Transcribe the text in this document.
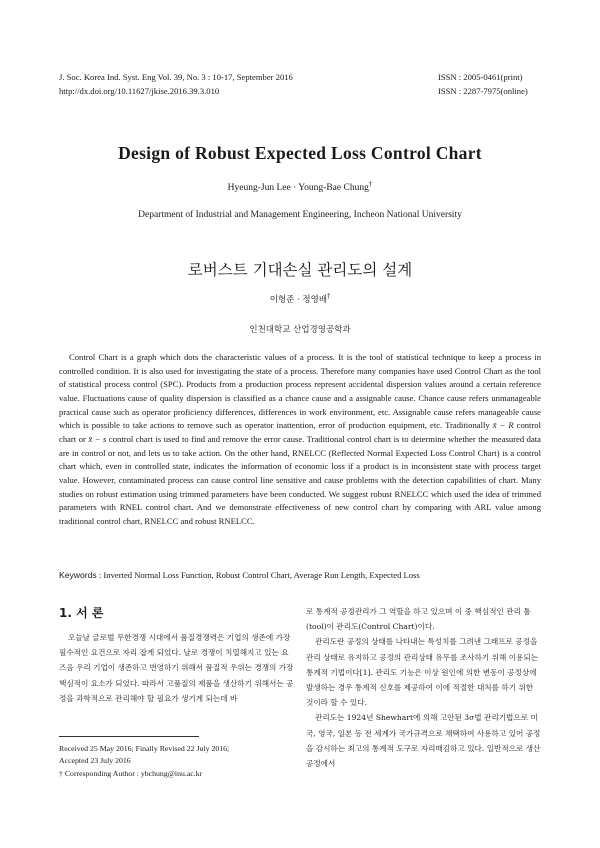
J. Soc. Korea Ind. Syst. Eng Vol. 39, No. 3 : 10-17, September 2016
http://dx.doi.org/10.11627/jkise.2016.39.3.010
ISSN : 2005-0461(print)
ISSN : 2287-7975(online)
Design of Robust Expected Loss Control Chart
Hyeung-Jun Lee · Young-Bae Chung†
Department of Industrial and Management Engineering, Incheon National University
로버스트 기대손실 관리도의 설계
이형준 · 정영배†
인천대학교 산업경영공학과

Control Chart is a graph which dots the characteristic values of a process. It is the tool of statistical technique to keep a process in controlled condition. It is also used for investigating the state of a process. Therefore many companies have used Control Chart as the tool of statistical process control (SPC). Products from a production process represent accidental dispersion values around a certain reference value. Fluctuations cause of quality dispersion is classified as a chance cause and a assignable cause. Chance cause refers unmanageable practical cause such as operator proficiency differences, differences in work environment, etc. Assignable cause refers manageable cause which is possible to take actions to remove such as operator inattention, error of production equipment, etc. Traditionally x̄ − R control chart or x̄ − s control chart is used to find and remove the error cause. Traditional control chart is to determine whether the measured data are in control or not, and lets us to take action. On the other hand, RNELCC (Reflected Normal Expected Loss Control Chart) is a control chart which, even in controlled state, indicates the information of economic loss if a product is in inconsistent state with process target value. However, contaminated process can cause control line sensitive and cause problems with the detection capabilities of chart. Many studies on robust estimation using trimmed parameters have been conducted. We suggest robust RNELCC which used the idea of trimmed parameters with RNEL control chart. And we demonstrate effectiveness of new control chart by comparing with ARL value among traditional control chart, RNELCC and robust RNELCC.

Keywords : Inverted Normal Loss Function, Robust Control Chart, Average Run Length, Expected Loss
1. 서 론

오늘날 글로벌 무한경쟁 시대에서 품질경쟁력은 기업의 생존에 가장 필수적인 요건으로 자리 잡게 되었다. 날로 경쟁이 치열해지고 있는 요즈음 우리 기업이 생존하고 번영하기 위해서 품질적 우위는 경쟁의 가장 핵심적이 요소가 되었다. 따라서 고품질의 제품을 생산하기 위해서는 공정을 과학적으로 관리해야 할 필요가 생기게 되는데 바

로 통계적 공정관리가 그 역할을 하고 있으며 이 중 핵심적인 관리 툴(tool)이 관리도(Control Chart)이다.

관리도란 공정의 상태를 나타내는 특성치를 그려낸 그래프로 공정을 관리 상태로 유지하고 공정의 관리상태 유무를 조사하기 위해 이용되는 통계적 기법이다[1]. 관리도 기능은 이상 원인에 의한 변동이 공정상에 발생하는 경우 통계적 신호를 제공하여 이에 적절한 대처를 하기 위한 것이라 할 수 있다.

관리도는 1924년 Shewhart에 의해 고안된 3σ법 관리기법으로 미국, 영국, 일본 등 전 세계가 국가규격으로 채택하여 사용하고 있어 공정을 감시하는 최고의 통계적 도구로 자리매김하고 있다. 일반적으로 생산 공정에서

Received 25 May 2016; Finally Revised 22 July 2016;
Accepted 23 July 2016
† Corresponding Author : ybchung@inu.ac.kr
